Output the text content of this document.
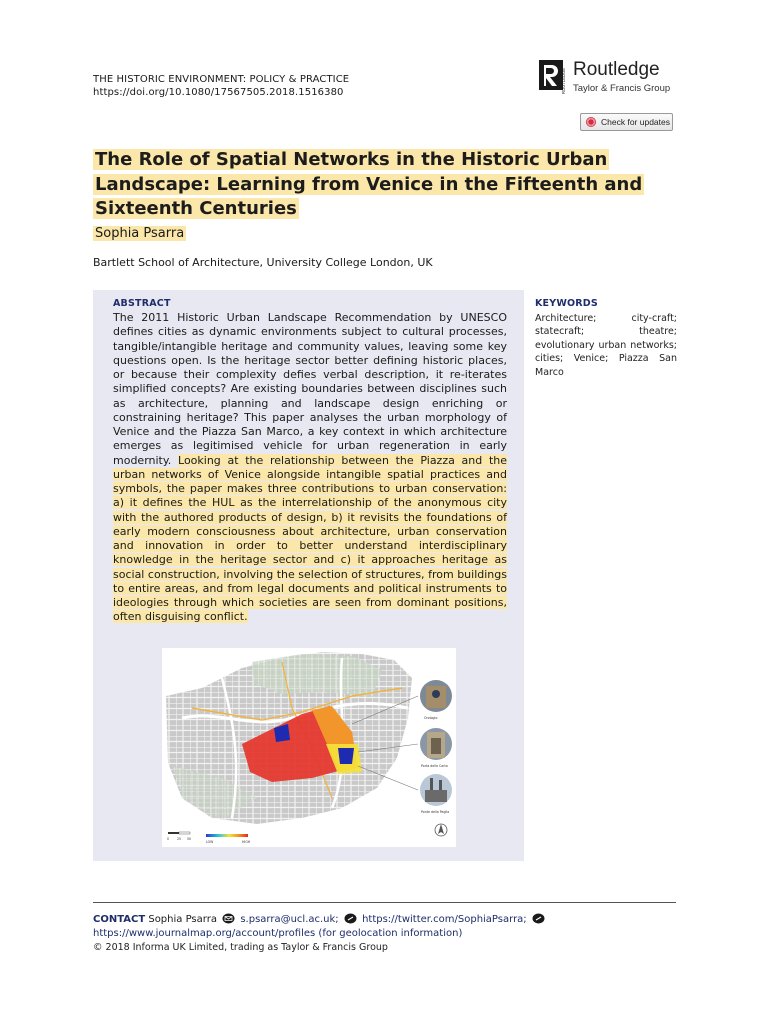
THE HISTORIC ENVIRONMENT: POLICY & PRACTICE
https://doi.org/10.1080/17567505.2018.1516380	ROUTLEDGE Routledge
Taylor & Francis Group
Check for updates
The Role of Spatial Networks in the Historic Urban
Landscape: Learning from Venice in the Fifteenth and
Sixteenth Centuries
Sophia Psarra
Bartlett School of Architecture, University College London, UK
ABSTRACT
The 2011 Historic Urban Landscape Recommendation by UNESCO defines cities as dynamic environments subject to cultural processes, tangible/intangible heritage and community values, leaving some key questions open. Is the heritage sector better defining historic places, or because their complexity defies verbal description, it re-iterates simplified concepts? Are existing boundaries between disciplines such as architecture, planning and landscape design enriching or constraining heritage? This paper analyses the urban morphology of Venice and the Piazza San Marco, a key context in which architecture emerges as legitimised vehicle for urban regeneration in early modernity. Looking at the relationship between the Piazza and the urban networks of Venice alongside intangible spatial practices and symbols, the paper makes three contributions to urban conservation: a) it defines the HUL as the interrelationship of the anonymous city with the authored products of design, b) it revisits the foundations of early modern consciousness about architecture, urban conservation and innovation in order to better understand interdisciplinary knowledge in the heritage sector and c) it approaches heritage as social construction, involving the selection of structures, from buildings to entire areas, and from legal documents and political instruments to ideologies through which societies are seen from dominant positions, often disguising conflict.
KEYWORDS
Architecture; city-craft; statecraft; theatre; evolutionary urban networks; cities; Venice; Piazza San Marco
Orologio
Porta della Carta
Ponte della Paglia
LOW	HIGH
0 25 50
CONTACT Sophia Psarra s.psarra@ucl.ac.uk; https://twitter.com/SophiaPsarra;  https://www.journalmap.org/account/profiles (for geolocation information)
© 2018 Informa UK Limited, trading as Taylor & Francis Group
